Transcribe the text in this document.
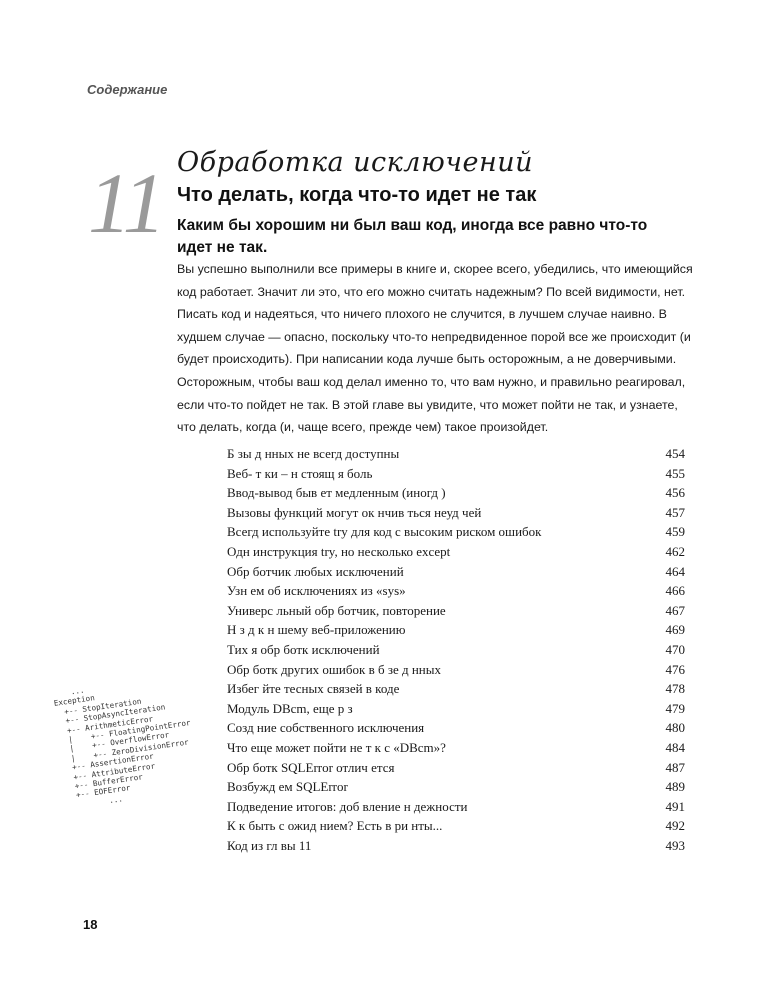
Содержание
11 Обработка исключений
Что делать, когда что-то идет не так
Каким бы хорошим ни был ваш код, иногда все равно что-то идет не так.
Вы успешно выполнили все примеры в книге и, скорее всего, убедились, что имеющийся код работает. Значит ли это, что его можно считать надежным? По всей видимости, нет. Писать код и надеяться, что ничего плохого не случится, в лучшем случае наивно. В худшем случае — опасно, поскольку что-то непредвиденное порой все же происходит (и будет происходить). При написании кода лучше быть осторожным, а не доверчивыми. Осторожным, чтобы ваш код делал именно то, что вам нужно, и правильно реагировал, если что-то пойдет не так. В этой главе вы увидите, что может пойти не так, и узнаете, что делать, когда (и, чаще всего, прежде чем) такое произойдет.
Б зы д нных не всегд доступны	454
Веб- т ки – н стоящ я боль	455
Ввод-вывод быв ет медленным (иногд )	456
Вызовы функций могут ок нчив ться неуд чей	457
Всегд используйте try для код с высоким риском ошибок	459
Одн инструкция try, но несколько except	462
Обр ботчик любых исключений	464
Узн ем об исключениях из «sys»	466
Универс льный обр ботчик, повторение	467
Н з д к н шему веб-приложению	469
Тих я обр ботк исключений	470
Обр ботк других ошибок в б зе д нных	476
Избег йте тесных связей в коде	478
Модуль DBcm, еще р з	479
Созд ние собственного исключения	480
Что еще может пойти не т к с «DBcm»?	484
Обр ботк SQLError отлич ется	487
Возбужд ем SQLError	489
Подведение итогов: доб вление н дежности	491
К к быть с ожид нием? Есть в ри нты...	492
Код из гл вы 11	493
...
Exception
+-- StopIteration
+-- StopAsyncIteration
+-- ArithmeticError
|    +-- FloatingPointError
|    +-- OverflowError
|    +-- ZeroDivisionError
+-- AssertionError
+-- AttributeError
+-- BufferError
+-- EOFError
...
18
